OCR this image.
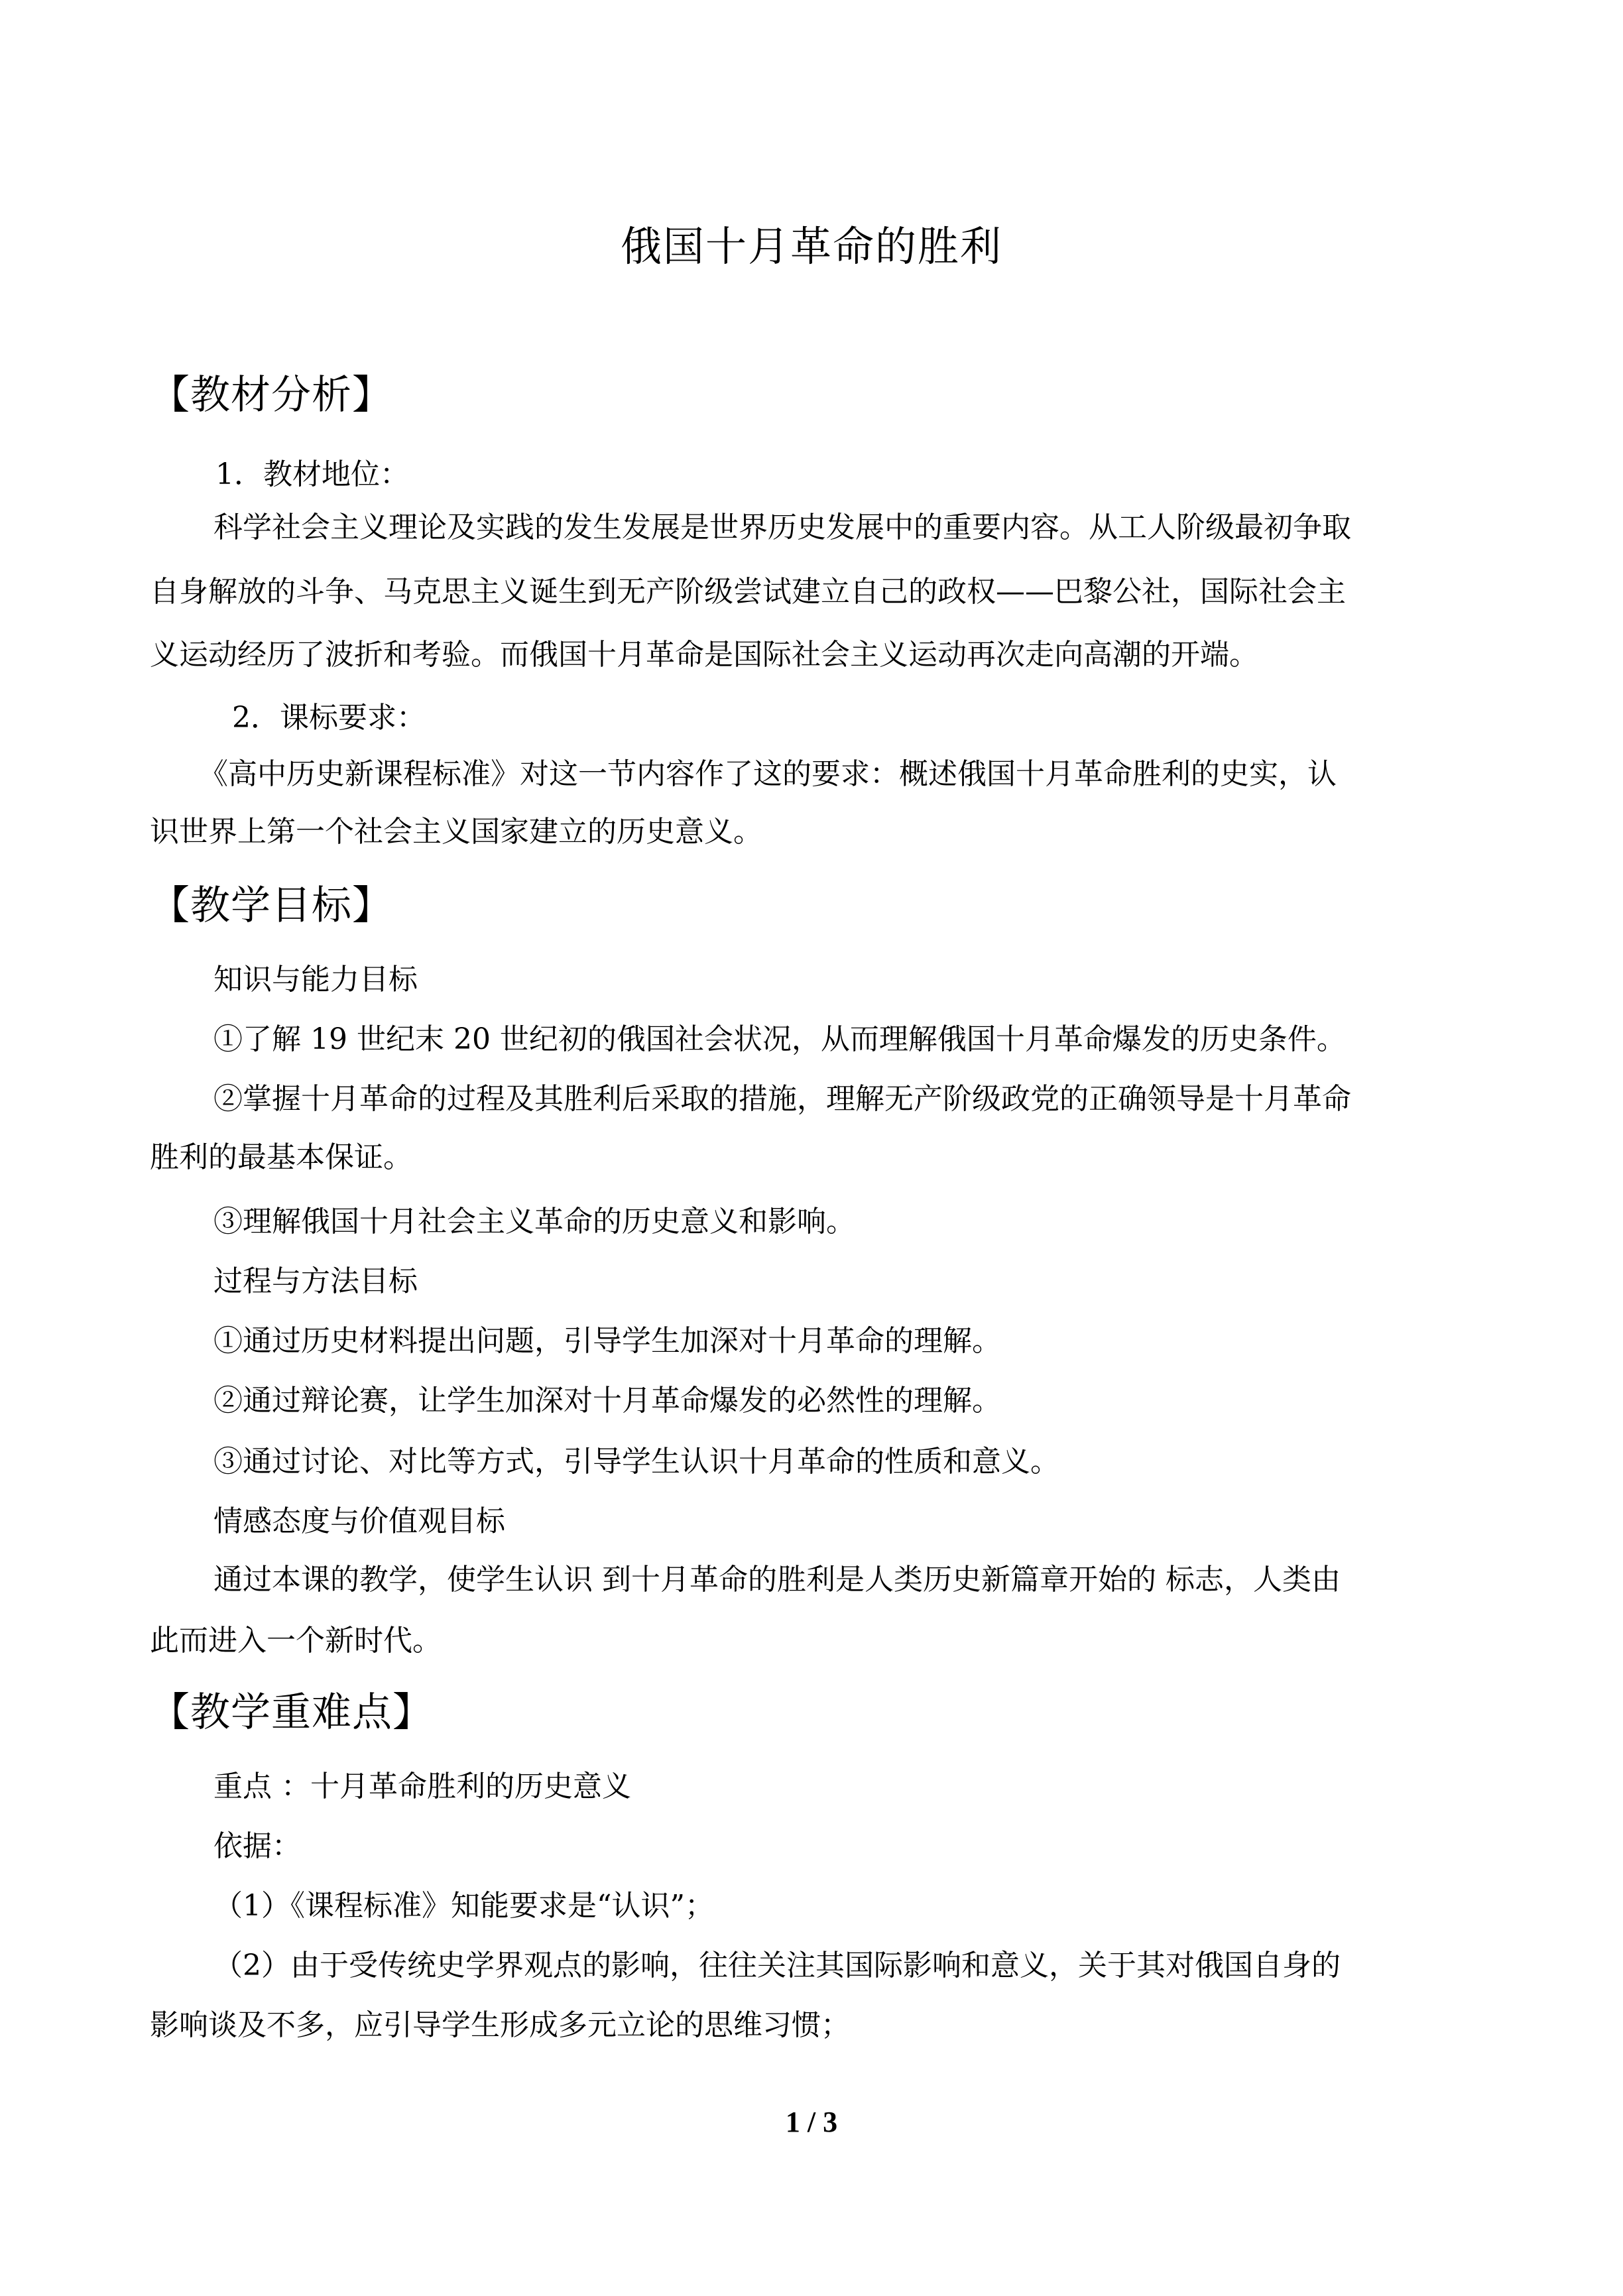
俄国十月革命的胜利
【教材分析】
1．教材地位：
科学社会主义理论及实践的发生发展是世界历史发展中的重要内容。从工人阶级最初争取
自身解放的斗争、马克思主义诞生到无产阶级尝试建立自己的政权——巴黎公社，国际社会主
义运动经历了波折和考验。而俄国十月革命是国际社会主义运动再次走向高潮的开端。
2．课标要求：
《高中历史新课程标准》对这一节内容作了这的要求：概述俄国十月革命胜利的史实，认
识世界上第一个社会主义国家建立的历史意义。
【教学目标】
知识与能力目标
①了解 19 世纪末 20 世纪初的俄国社会状况，从而理解俄国十月革命爆发的历史条件。
②掌握十月革命的过程及其胜利后采取的措施，理解无产阶级政党的正确领导是十月革命
胜利的最基本保证。
③理解俄国十月社会主义革命的历史意义和影响。
过程与方法目标
①通过历史材料提出问题，引导学生加深对十月革命的理解。
②通过辩论赛，让学生加深对十月革命爆发的必然性的理解。
③通过讨论、对比等方式，引导学生认识十月革命的性质和意义。
情感态度与价值观目标
通过本课的教学，使学生认识 到十月革命的胜利是人类历史新篇章开始的 标志，人类由
此而进入一个新时代。
【教学重难点】
重点 ：十月革命胜利的历史意义
依据：
（1）《课程标准》知能要求是“认识”；
（2）由于受传统史学界观点的影响，往往关注其国际影响和意义，关于其对俄国自身的
影响谈及不多，应引导学生形成多元立论的思维习惯；
1 / 3
